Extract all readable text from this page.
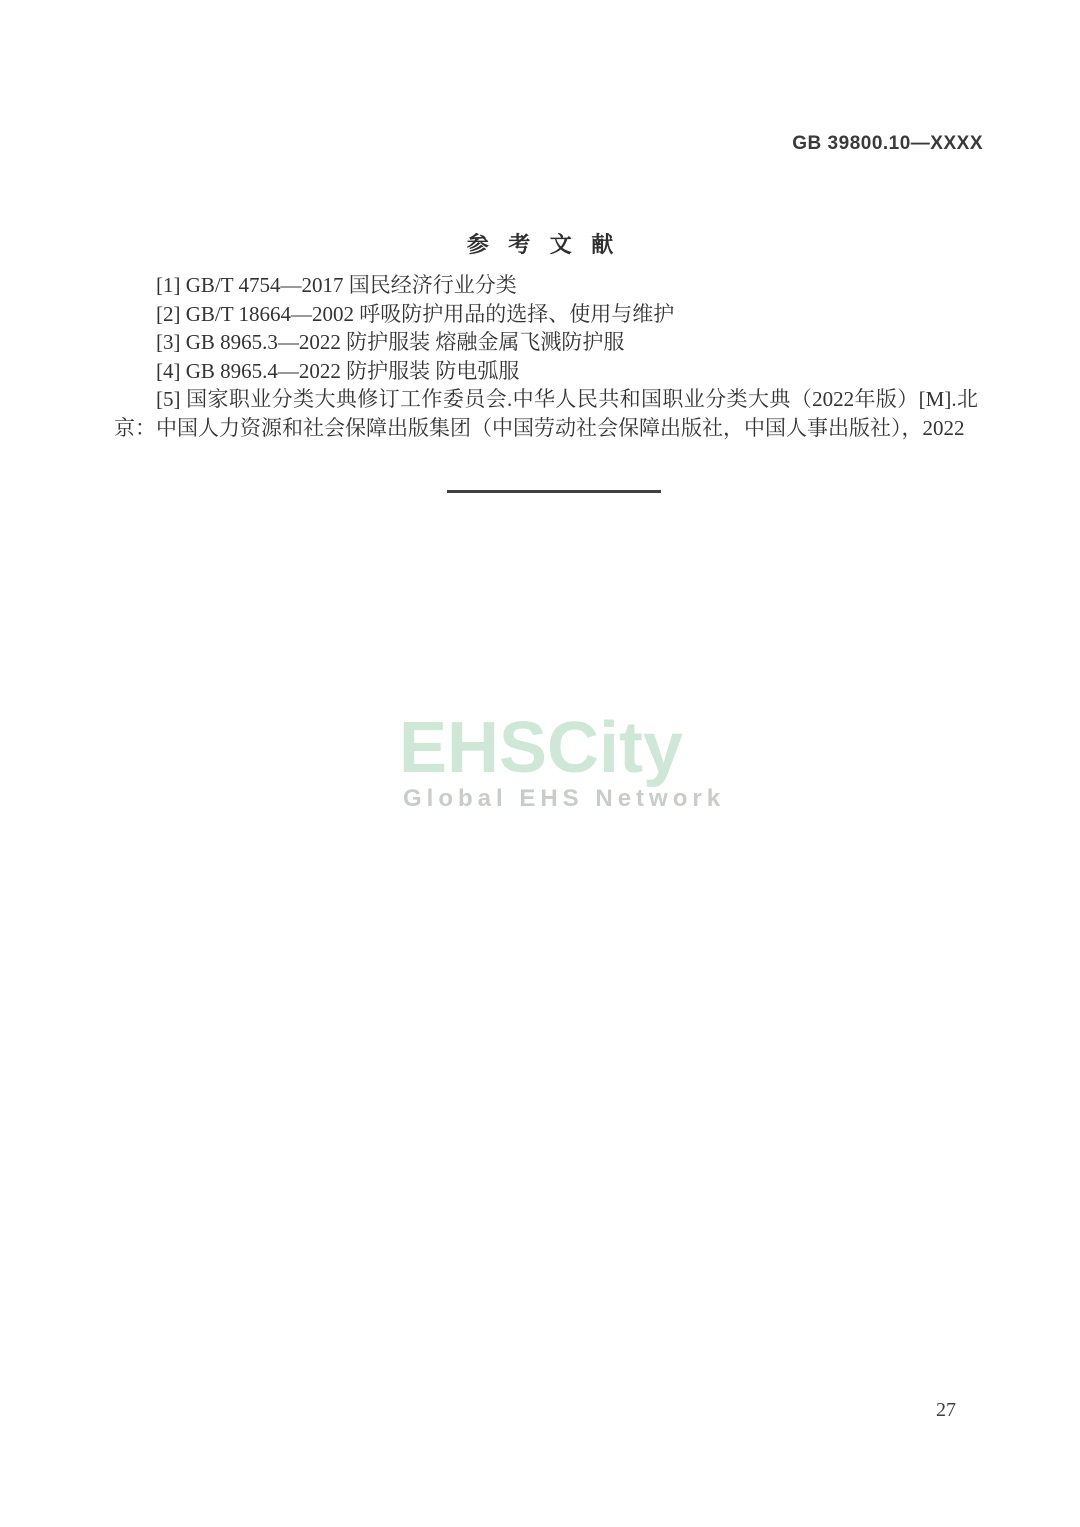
GB 39800.10—XXXX
参 考 文 献

[1] GB/T 4754—2017 国民经济行业分类

[2] GB/T 18664—2002 呼吸防护用品的选择、使用与维护

[3] GB 8965.3—2022 防护服装 熔融金属飞溅防护服

[4] GB 8965.4—2022 防护服装 防电弧服

[5] 国家职业分类大典修订工作委员会.中华人民共和国职业分类大典（2022年版）[M].北京：中国人力资源和社会保障出版集团（中国劳动社会保障出版社，中国人事出版社），2022

EHSCity
Global EHS Network
27
